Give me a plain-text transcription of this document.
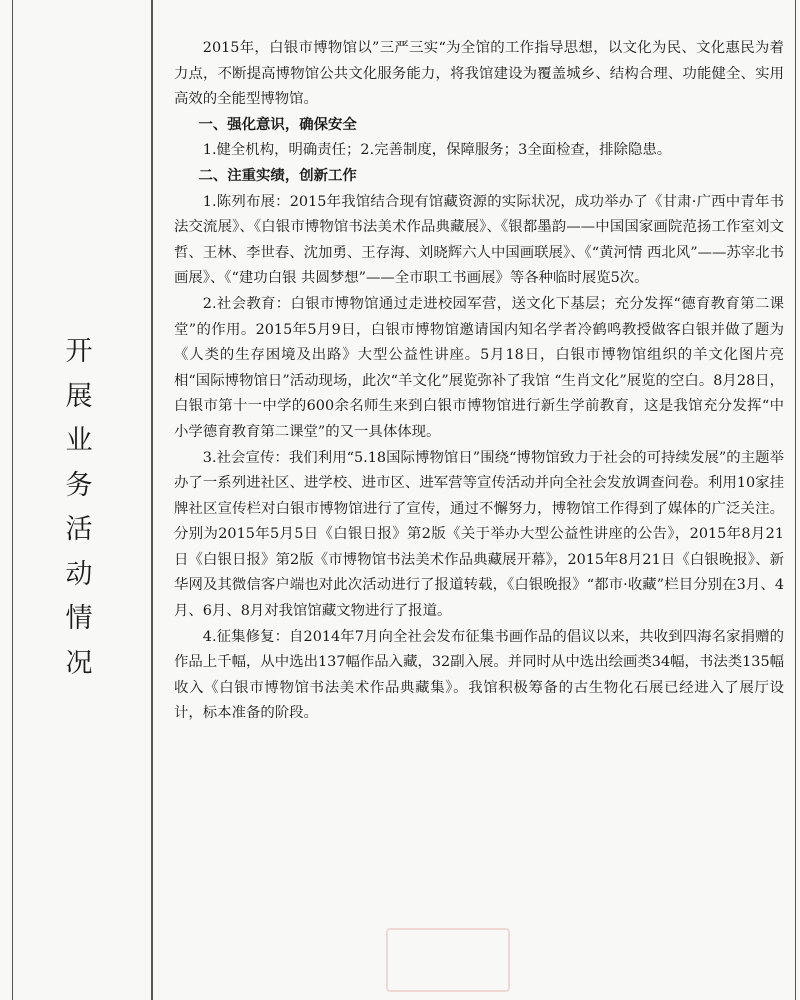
开
展
业
务
活
动
情
况

2015年，白银市博物馆以”三严三实“为全馆的工作指导思想，以文化为民、文化惠民为着力点，不断提高博物馆公共文化服务能力，将我馆建设为覆盖城乡、结构合理、功能健全、实用高效的全能型博物馆。

一、强化意识，确保安全

1.健全机构，明确责任；2.完善制度，保障服务；3全面检查，排除隐患。

二、注重实绩，创新工作

1.陈列布展：2015年我馆结合现有馆藏资源的实际状况，成功举办了《甘肃·广西中青年书法交流展》、《白银市博物馆书法美术作品典藏展》、《银都墨韵——中国国家画院范扬工作室刘文哲、王林、李世春、沈加勇、王存海、刘晓辉六人中国画联展》、《“黄河情 西北风”——苏宰北书画展》、《“建功白银 共圆梦想”——全市职工书画展》等各种临时展览5次。

2.社会教育：白银市博物馆通过走进校园军营，送文化下基层；充分发挥“德育教育第二课堂”的作用。2015年5月9日，白银市博物馆邀请国内知名学者冷鹤鸣教授做客白银并做了题为《人类的生存困境及出路》大型公益性讲座。5月18日，白银市博物馆组织的羊文化图片亮相“国际博物馆日”活动现场，此次“羊文化”展览弥补了我馆 “生肖文化”展览的空白。8月28日，白银市第十一中学的600余名师生来到白银市博物馆进行新生学前教育，这是我馆充分发挥“中小学德育教育第二课堂”的又一具体体现。

3.社会宣传：我们利用“5.18国际博物馆日”围绕“博物馆致力于社会的可持续发展”的主题举办了一系列进社区、进学校、进市区、进军营等宣传活动并向全社会发放调查问卷。利用10家挂牌社区宣传栏对白银市博物馆进行了宣传，通过不懈努力，博物馆工作得到了媒体的广泛关注。分别为2015年5月5日《白银日报》第2版《关于举办大型公益性讲座的公告》，2015年8月21日《白银日报》第2版《市博物馆书法美术作品典藏展开幕》，2015年8月21日《白银晚报》、新华网及其微信客户端也对此次活动进行了报道转载，《白银晚报》“都市·收藏”栏目分别在3月、4月、6月、8月对我馆馆藏文物进行了报道。

4.征集修复：自2014年7月向全社会发布征集书画作品的倡议以来，共收到四海名家捐赠的作品上千幅，从中选出137幅作品入藏，32副入展。并同时从中选出绘画类34幅，书法类135幅收入《白银市博物馆书法美术作品典藏集》。我馆积极筹备的古生物化石展已经进入了展厅设计，标本准备的阶段。
